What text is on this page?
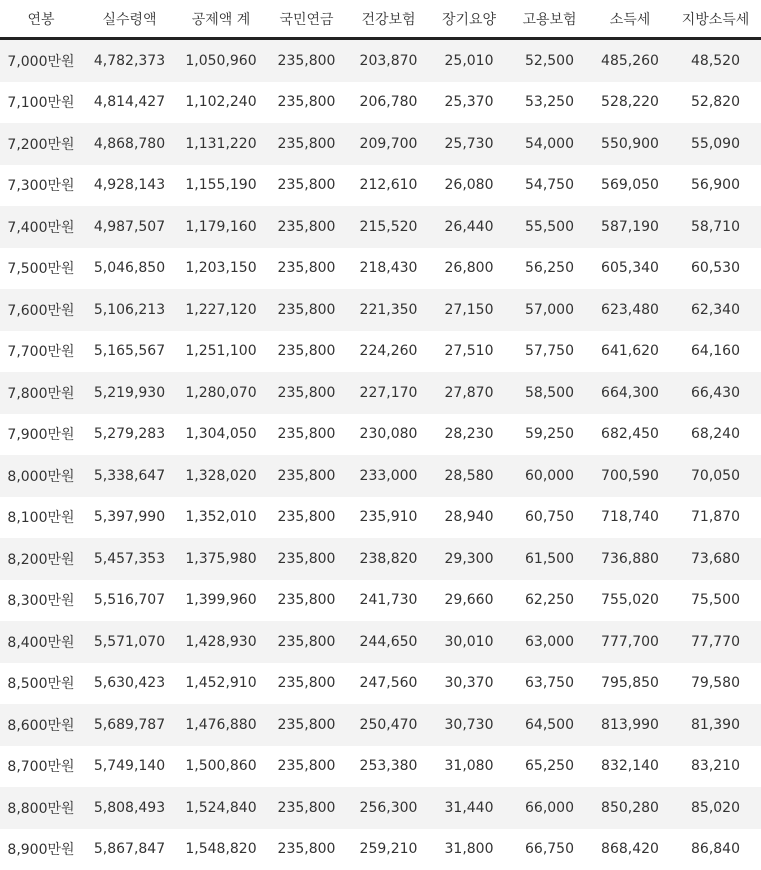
연봉	실수령액	공제액 계	국민연금	건강보험	장기요양	고용보험	소득세	지방소득세
7,000만원	4,782,373	1,050,960	235,800	203,870	25,010	52,500	485,260	48,520
7,100만원	4,814,427	1,102,240	235,800	206,780	25,370	53,250	528,220	52,820
7,200만원	4,868,780	1,131,220	235,800	209,700	25,730	54,000	550,900	55,090
7,300만원	4,928,143	1,155,190	235,800	212,610	26,080	54,750	569,050	56,900
7,400만원	4,987,507	1,179,160	235,800	215,520	26,440	55,500	587,190	58,710
7,500만원	5,046,850	1,203,150	235,800	218,430	26,800	56,250	605,340	60,530
7,600만원	5,106,213	1,227,120	235,800	221,350	27,150	57,000	623,480	62,340
7,700만원	5,165,567	1,251,100	235,800	224,260	27,510	57,750	641,620	64,160
7,800만원	5,219,930	1,280,070	235,800	227,170	27,870	58,500	664,300	66,430
7,900만원	5,279,283	1,304,050	235,800	230,080	28,230	59,250	682,450	68,240
8,000만원	5,338,647	1,328,020	235,800	233,000	28,580	60,000	700,590	70,050
8,100만원	5,397,990	1,352,010	235,800	235,910	28,940	60,750	718,740	71,870
8,200만원	5,457,353	1,375,980	235,800	238,820	29,300	61,500	736,880	73,680
8,300만원	5,516,707	1,399,960	235,800	241,730	29,660	62,250	755,020	75,500
8,400만원	5,571,070	1,428,930	235,800	244,650	30,010	63,000	777,700	77,770
8,500만원	5,630,423	1,452,910	235,800	247,560	30,370	63,750	795,850	79,580
8,600만원	5,689,787	1,476,880	235,800	250,470	30,730	64,500	813,990	81,390
8,700만원	5,749,140	1,500,860	235,800	253,380	31,080	65,250	832,140	83,210
8,800만원	5,808,493	1,524,840	235,800	256,300	31,440	66,000	850,280	85,020
8,900만원	5,867,847	1,548,820	235,800	259,210	31,800	66,750	868,420	86,840
